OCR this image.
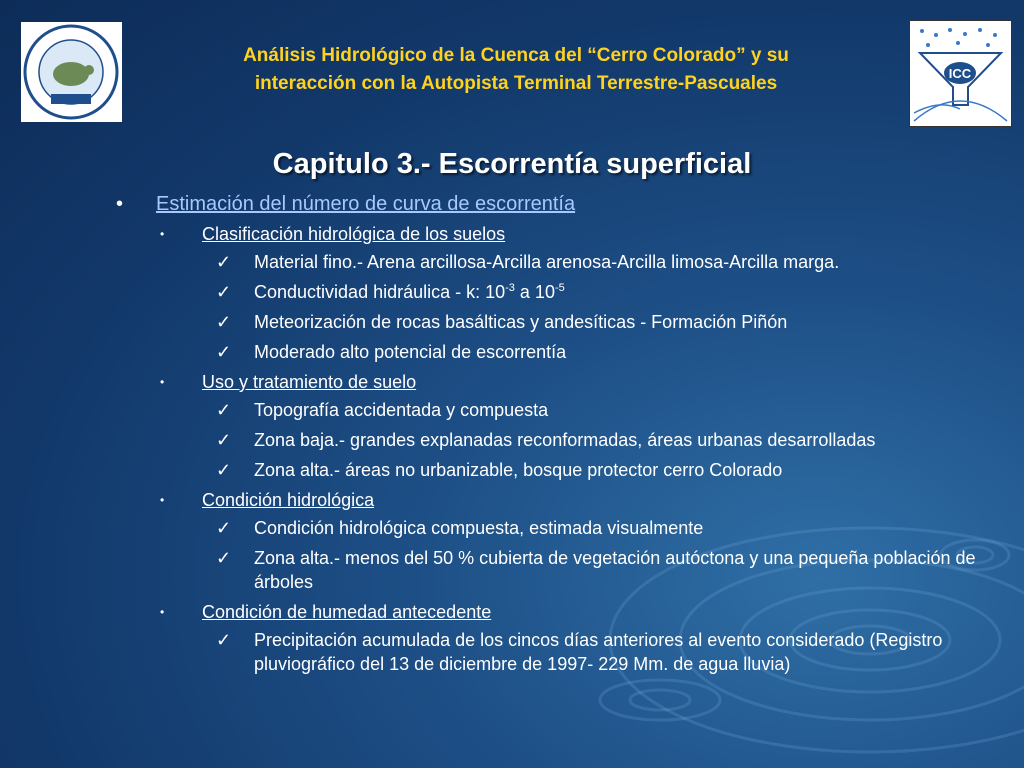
Análisis Hidrológico de la Cuenca del “Cerro Colorado” y su
interacción con la Autopista Terminal Terrestre-Pascuales	ICC
Capitulo 3.- Escorrentía superficial
• Estimación del número de curva de escorrentía
• Clasificación hidrológica de los suelos
✓ Material fino.- Arena arcillosa-Arcilla arenosa-Arcilla limosa-Arcilla marga.
✓ Conductividad hidráulica - k: $10^{-3}$ a $10^{-5}$
✓ Meteorización de rocas basálticas y andesíticas - Formación Piñón
✓ Moderado alto potencial de escorrentía
• Uso y tratamiento de suelo
✓ Topografía accidentada y compuesta
✓ Zona baja.- grandes explanadas reconformadas, áreas urbanas desarrolladas
✓ Zona alta.- áreas no urbanizable, bosque protector cerro Colorado
• Condición hidrológica
✓ Condición hidrológica compuesta, estimada visualmente
✓ Zona alta.- menos del 50 % cubierta de vegetación autóctona y una pequeña población de árboles
• Condición de humedad antecedente
✓ Precipitación acumulada de los cincos días anteriores al evento considerado (Registro pluviográfico del 13 de diciembre de 1997- 229 Mm. de agua lluvia)
